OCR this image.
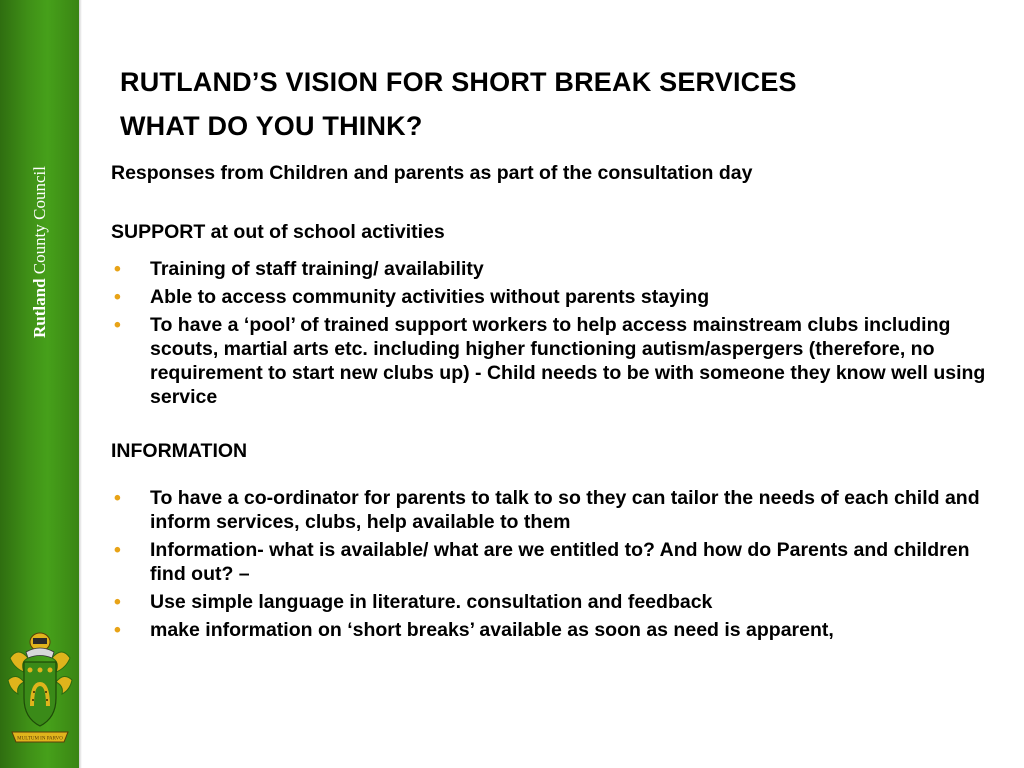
Rutland County Council
MULTUM IN PARVO
RUTLAND’S VISION FOR SHORT BREAK SERVICES
WHAT DO YOU THINK?

Responses from Children and parents as part of the consultation day

SUPPORT at out of school activities

• Training of staff training/ availability
• Able to access community activities without parents staying
• To have a ‘pool’ of trained support workers to help access mainstream clubs including scouts, martial arts etc. including higher functioning autism/aspergers (therefore, no requirement to start new clubs up) - Child needs to be with someone they know well using service

INFORMATION

• To have a co-ordinator for parents to talk to so they can tailor the needs of each child and inform services, clubs, help available to them
• Information- what is available/ what are we entitled to? And how do Parents and children find out? –
• Use simple language in literature. consultation and feedback
• make information on ‘short breaks’ available as soon as need is apparent,
